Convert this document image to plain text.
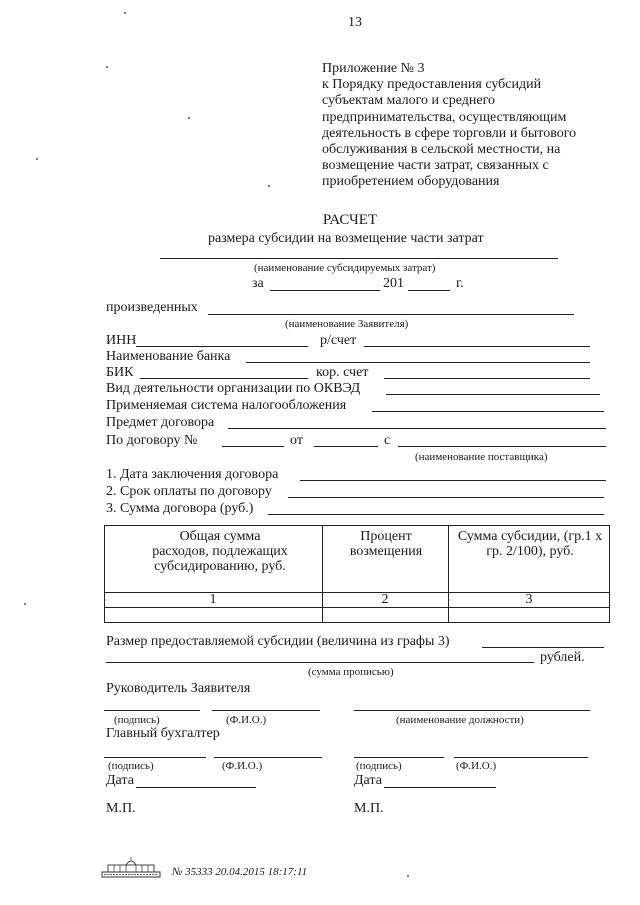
13
Приложение № 3
к Порядку предоставления субсидий
субъектам малого и среднего
предпринимательства, осуществляющим
деятельность в сфере торговли и бытового
обслуживания в сельской местности, на
возмещение части затрат, связанных с
приобретением оборудования
РАСЧЕТ
размера субсидии на возмещение части затрат
(наименование субсидируемых затрат)
за	201	г.
произведенных
(наименование Заявителя)
ИНН	р/счет
Наименование банка
БИК	кор. счет
Вид деятельности организации по ОКВЭД
Применяемая система налогообложения
Предмет договора
По договору №	от	с
(наименование поставщика)
1. Дата заключения договора
2. Срок оплаты по договору
3. Сумма договора (руб.)
Общая сумма расходов, подлежащих субсидированию, руб.
Процент возмещения
Сумма субсидии, (гр.1 х гр. 2/100), руб.
1	2	3
Размер предоставляемой субсидии (величина из графы 3)
рублей.
(сумма прописью)
Руководитель Заявителя
(подпись)	(Ф.И.О.)	(наименование должности)
Главный бухгалтер
(подпись)	(Ф.И.О.)	(подпись)	(Ф.И.О.)
Дата	Дата
М.П.	М.П.
№ 35333 20.04.2015 18:17:11
